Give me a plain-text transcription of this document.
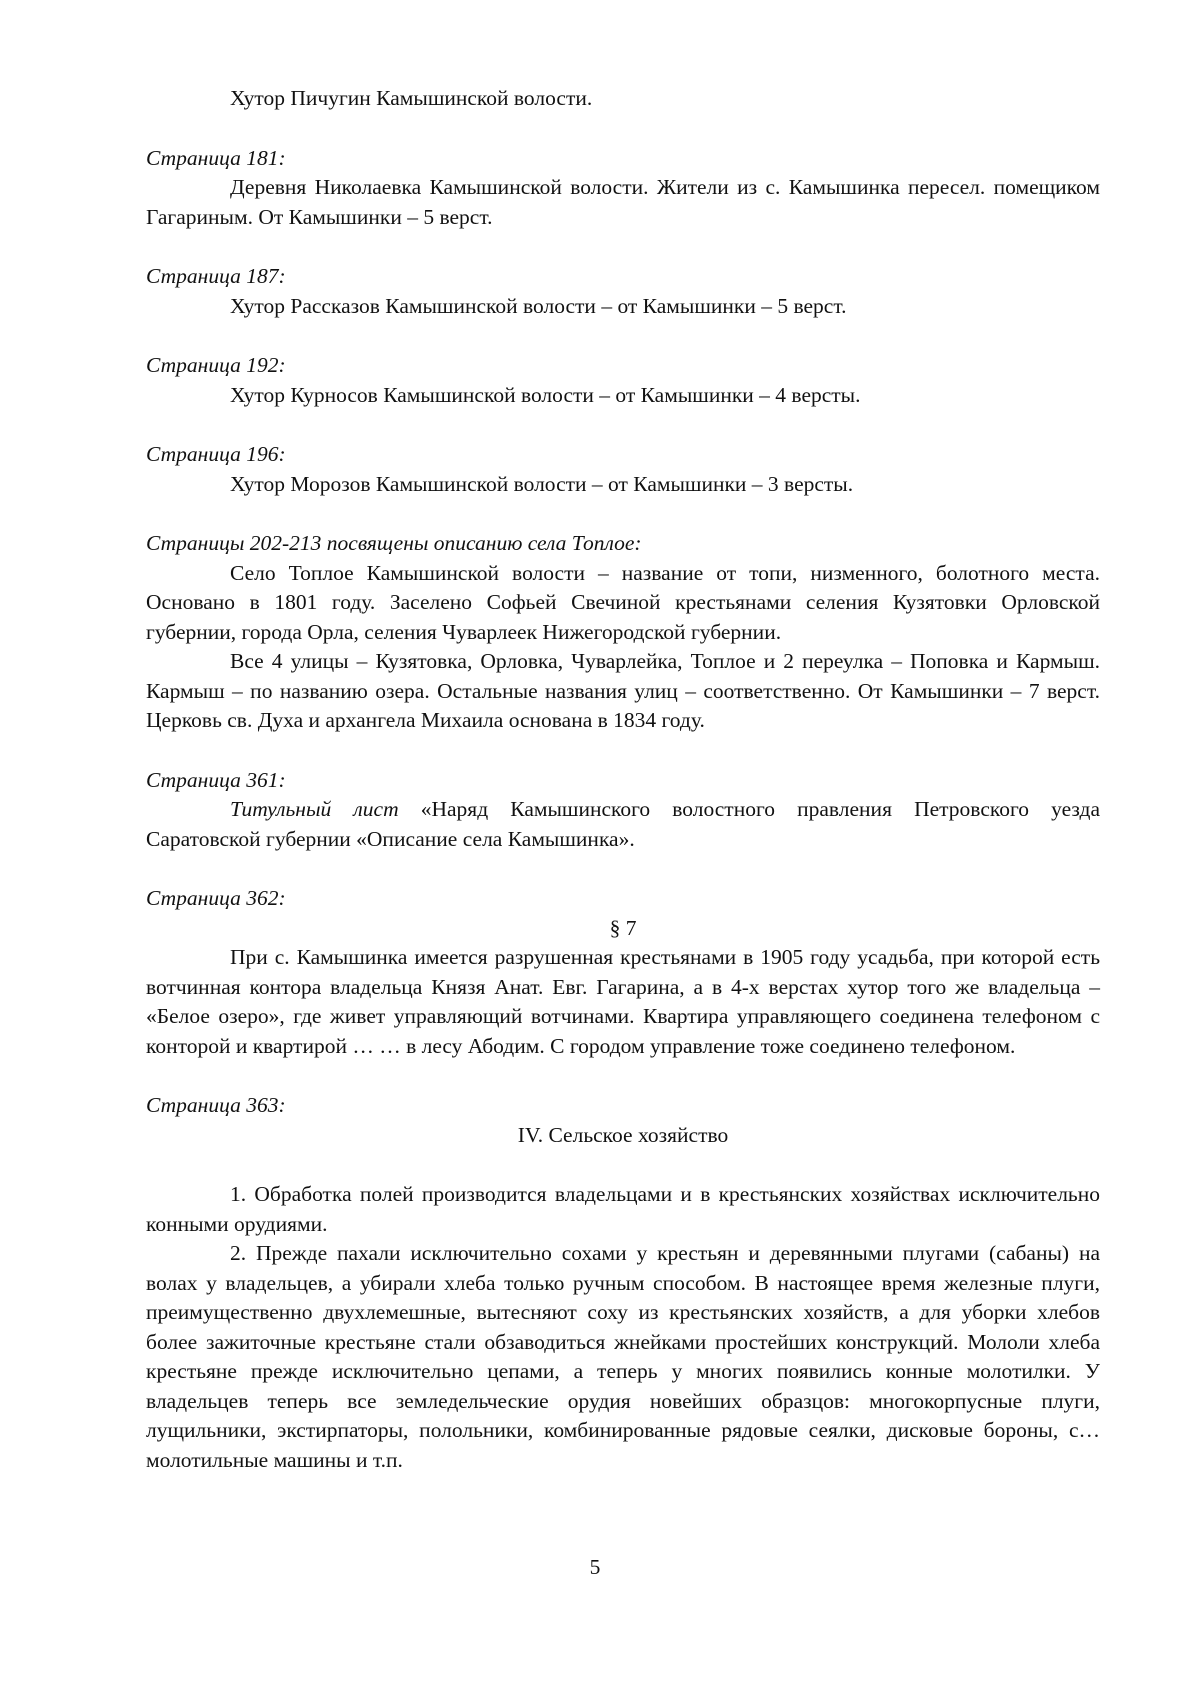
Хутор Пичугин Камышинской волости.

Страница 181:

Деревня Николаевка Камышинской волости. Жители из с. Камышинка пересел. помещиком Гагариным. От Камышинки – 5 верст.

Страница 187:

Хутор Рассказов Камышинской волости – от Камышинки – 5 верст.

Страница 192:

Хутор Курносов Камышинской волости – от Камышинки – 4 версты.

Страница 196:

Хутор Морозов Камышинской волости – от Камышинки – 3 версты.

Страницы 202-213 посвящены описанию села Топлое:

Село Топлое Камышинской волости – название от топи, низменного, болотного места. Основано в 1801 году. Заселено Софьей Свечиной крестьянами селения Кузятовки Орловской губернии, города Орла, селения Чуварлеек Нижегородской губернии.

Все 4 улицы – Кузятовка, Орловка, Чуварлейка, Топлое и 2 переулка – Поповка и Кармыш. Кармыш – по названию озера. Остальные названия улиц – соответственно. От Камышинки – 7 верст. Церковь св. Духа и архангела Михаила основана в 1834 году.

Страница 361:

Титульный лист «Наряд Камышинского волостного правления Петровского уезда Саратовской губернии «Описание села Камышинка».

Страница 362:

§ 7

При с. Камышинка имеется разрушенная крестьянами в 1905 году усадьба, при которой есть вотчинная контора владельца Князя Анат. Евг. Гагарина, а в 4-х верстах хутор того же владельца – «Белое озеро», где живет управляющий вотчинами. Квартира управляющего соединена телефоном с конторой и квартирой … … в лесу Абодим. С городом управление тоже соединено телефоном.

Страница 363:

IV. Сельское хозяйство

1. Обработка полей производится владельцами и в крестьянских хозяйствах исключительно конными орудиями.

2. Прежде пахали исключительно сохами у крестьян и деревянными плугами (сабаны) на волах у владельцев, а убирали хлеба только ручным способом. В настоящее время железные плуги, преимущественно двухлемешные, вытесняют соху из крестьянских хозяйств, а для уборки хлебов более зажиточные крестьяне стали обзаводиться жнейками простейших конструкций. Мололи хлеба крестьяне прежде исключительно цепами, а теперь у многих появились конные молотилки. У владельцев теперь все земледельческие орудия новейших образцов: многокорпусные плуги, лущильники, экстирпаторы, полольники, комбинированные рядовые сеялки, дисковые бороны, с… молотильные машины и т.п.

5
